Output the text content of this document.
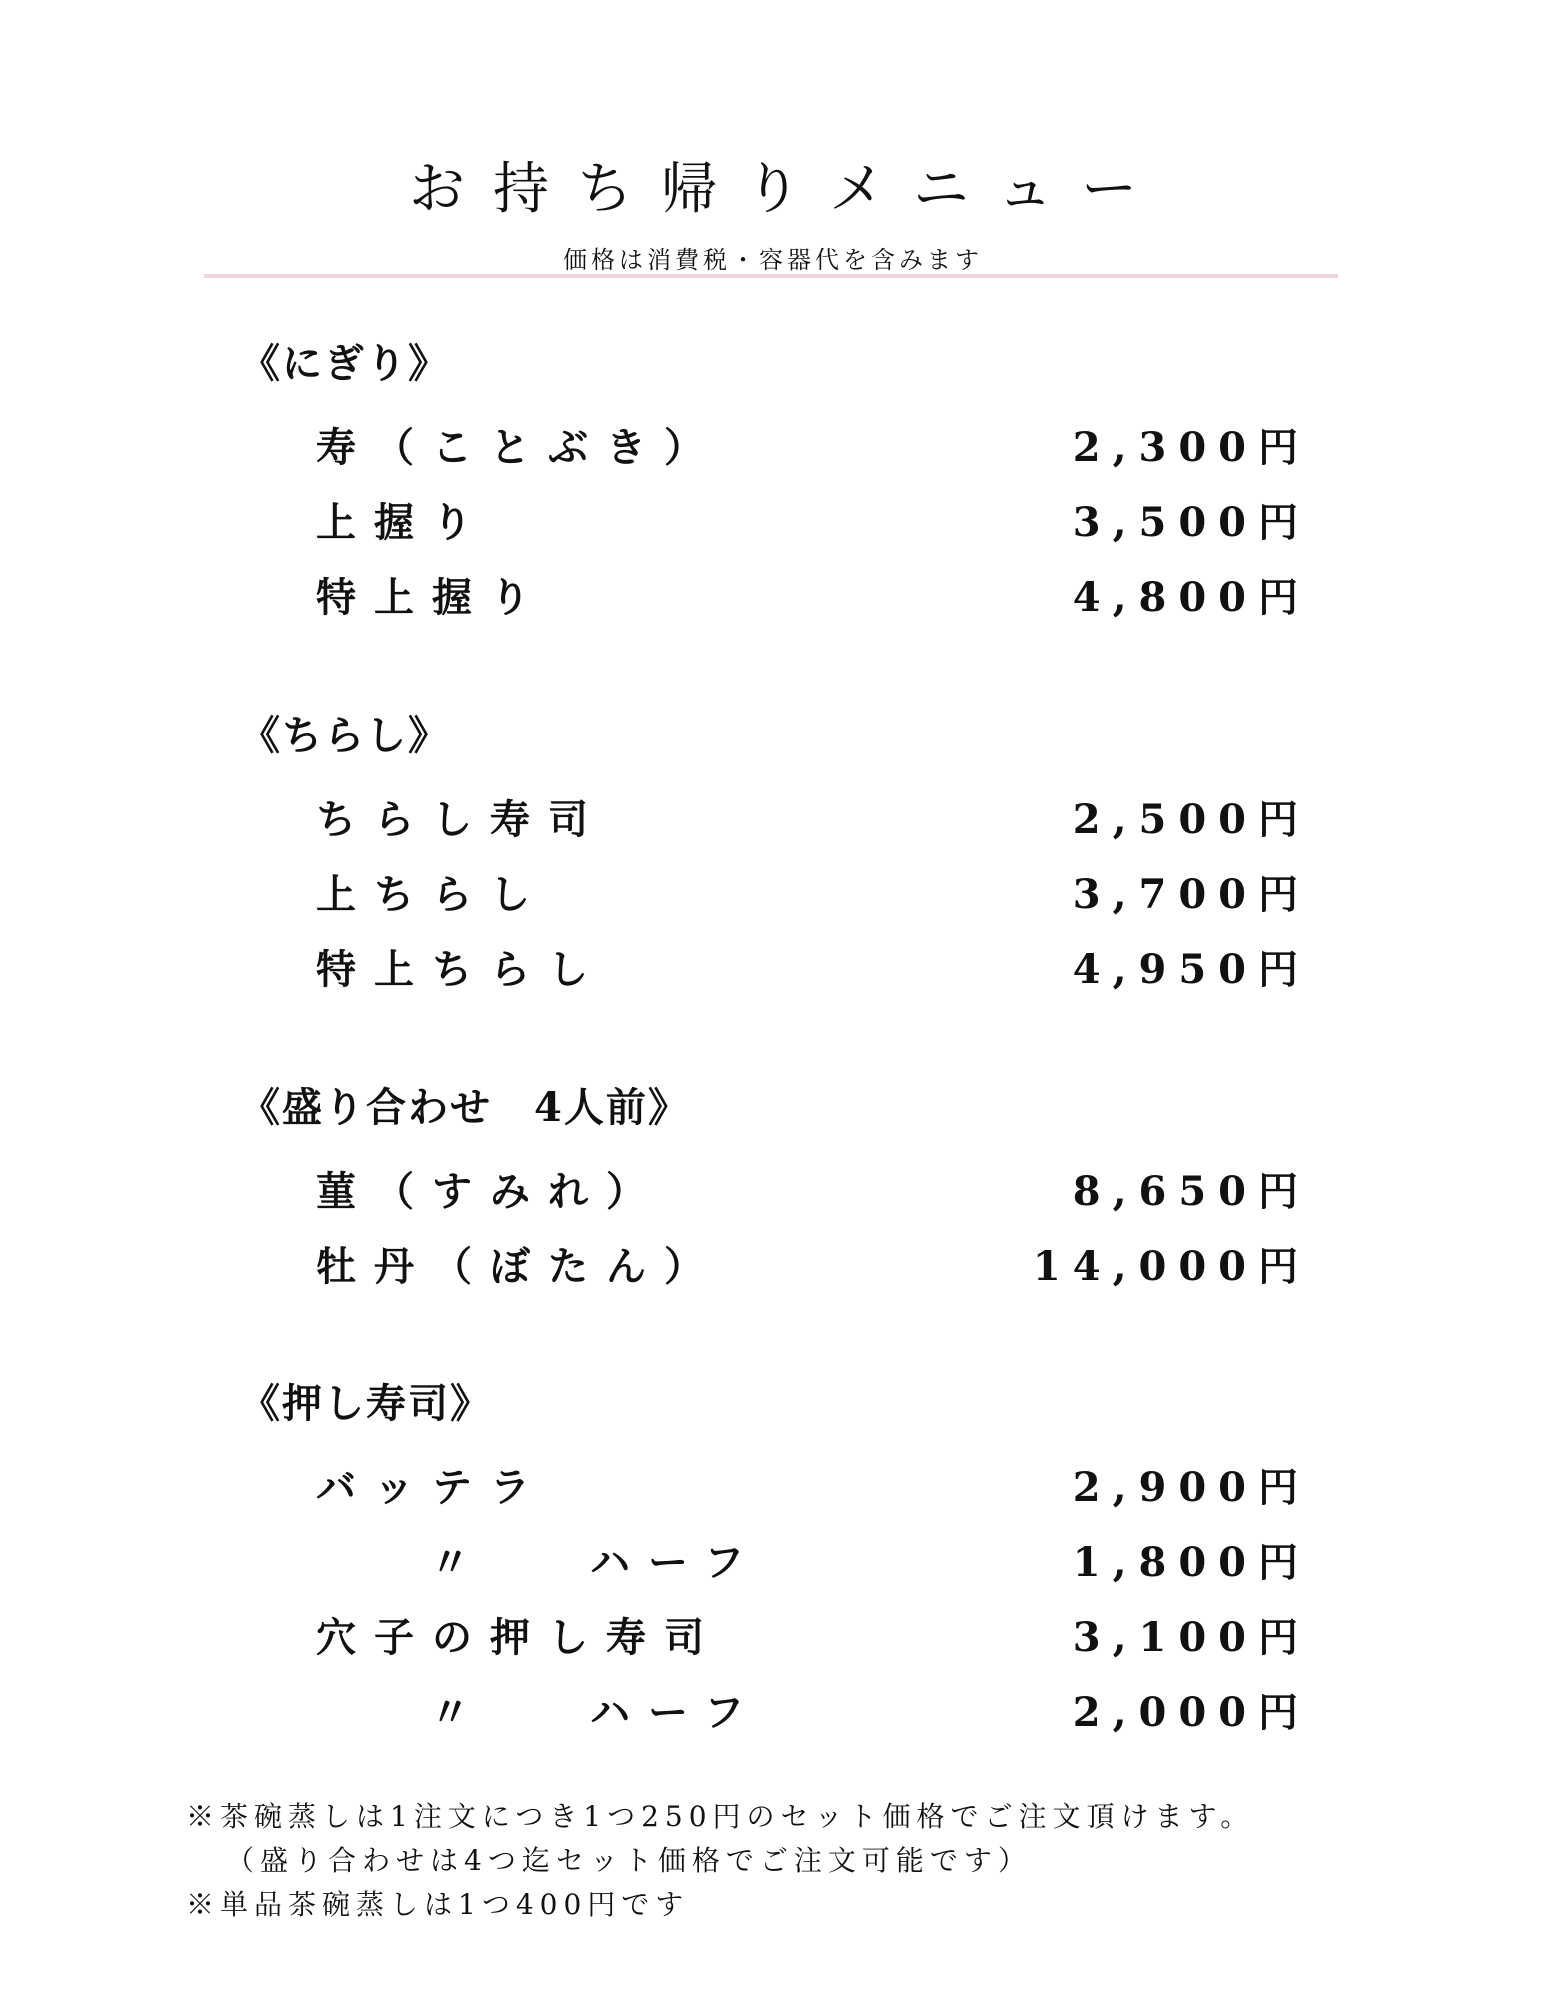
お持ち帰りメニュー
価格は消費税・容器代を含みます
《にぎり》
寿（ことぶき）	2,300円
上握り	3,500円
特上握り	4,800円
《ちらし》
ちらし寿司	2,500円
上ちらし	3,700円
特上ちらし	4,950円
《盛り合わせ　4人前》
菫（すみれ）	8,650円
牡丹（ぼたん）	14,000円
《押し寿司》
バッテラ	2,900円
〃	ハーフ	1,800円
穴子の押し寿司	3,100円
〃	ハーフ	2,000円
※茶碗蒸しは1注文につき1つ250円のセット価格でご注文頂けます。
（盛り合わせは4つ迄セット価格でご注文可能です）
※単品茶碗蒸しは1つ400円です
